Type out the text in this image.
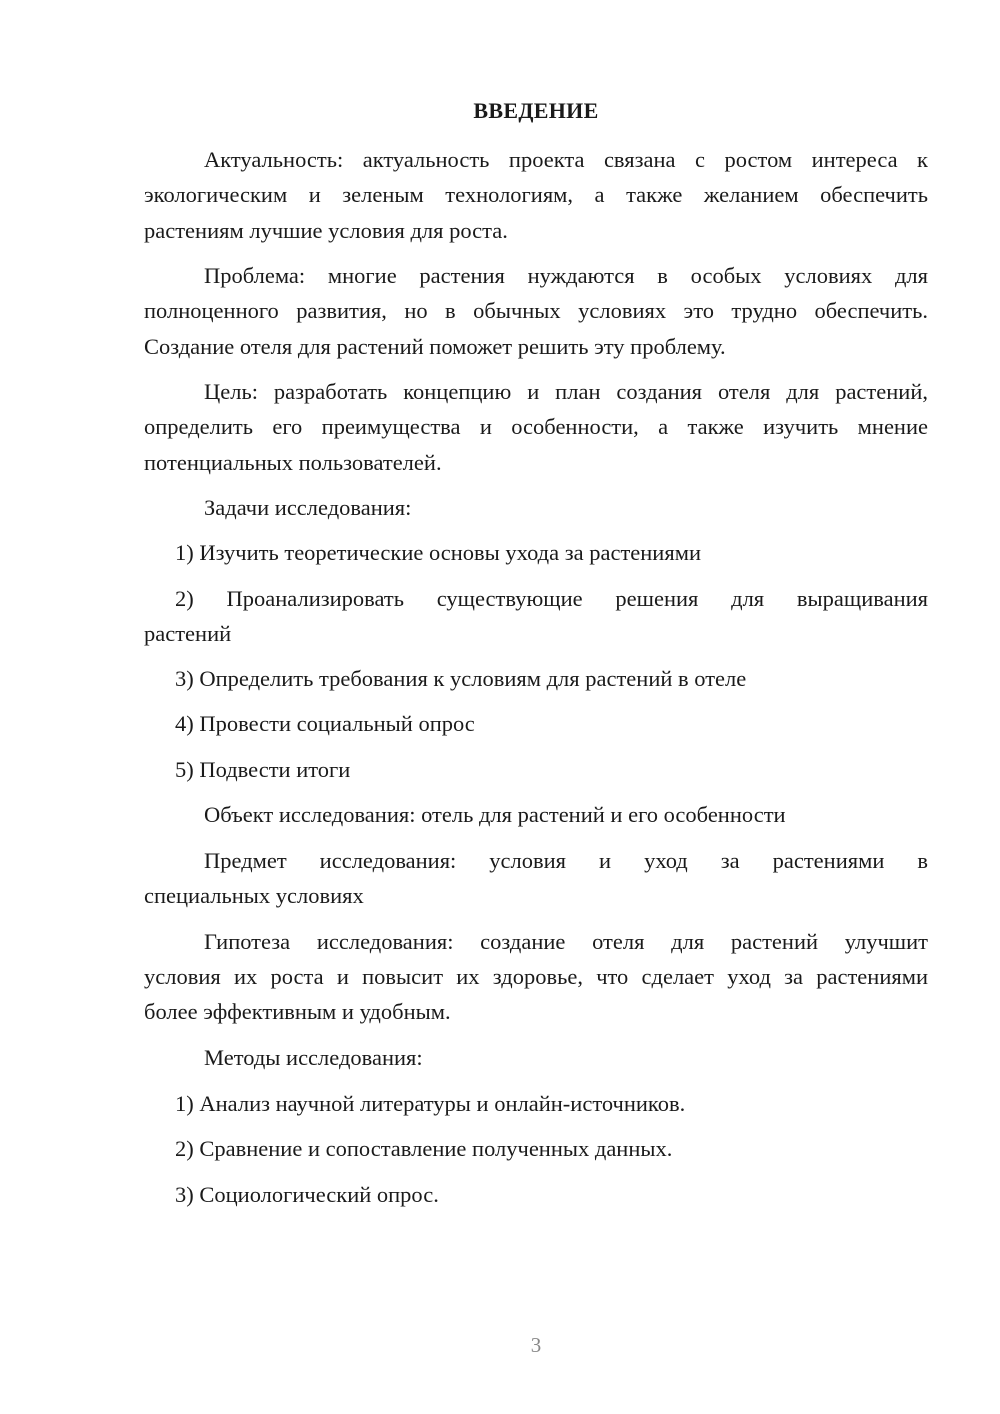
ВВЕДЕНИЕ
Актуальность: актуальность проекта связана с ростом интереса к
экологическим и зеленым технологиям, а также желанием обеспечить
растениям лучшие условия для роста.
Проблема: многие растения нуждаются в особых условиях для
полноценного развития, но в обычных условиях это трудно обеспечить.
Создание отеля для растений поможет решить эту проблему.
Цель: разработать концепцию и план создания отеля для растений,
определить его преимущества и особенности, а также изучить мнение
потенциальных пользователей.
Задачи исследования:
1) Изучить теоретические основы ухода за растениями
2) Проанализировать существующие решения для выращивания
растений
3) Определить требования к условиям для растений в отеле
4) Провести социальный опрос
5) Подвести итоги
Объект исследования: отель для растений и его особенности
Предмет исследования: условия и уход за растениями в
специальных условиях
Гипотеза исследования: создание отеля для растений улучшит
условия их роста и повысит их здоровье, что сделает уход за растениями
более эффективным и удобным.
Методы исследования:
1) Анализ научной литературы и онлайн-источников.
2) Сравнение и сопоставление полученных данных.
3) Социологический опрос.
3
